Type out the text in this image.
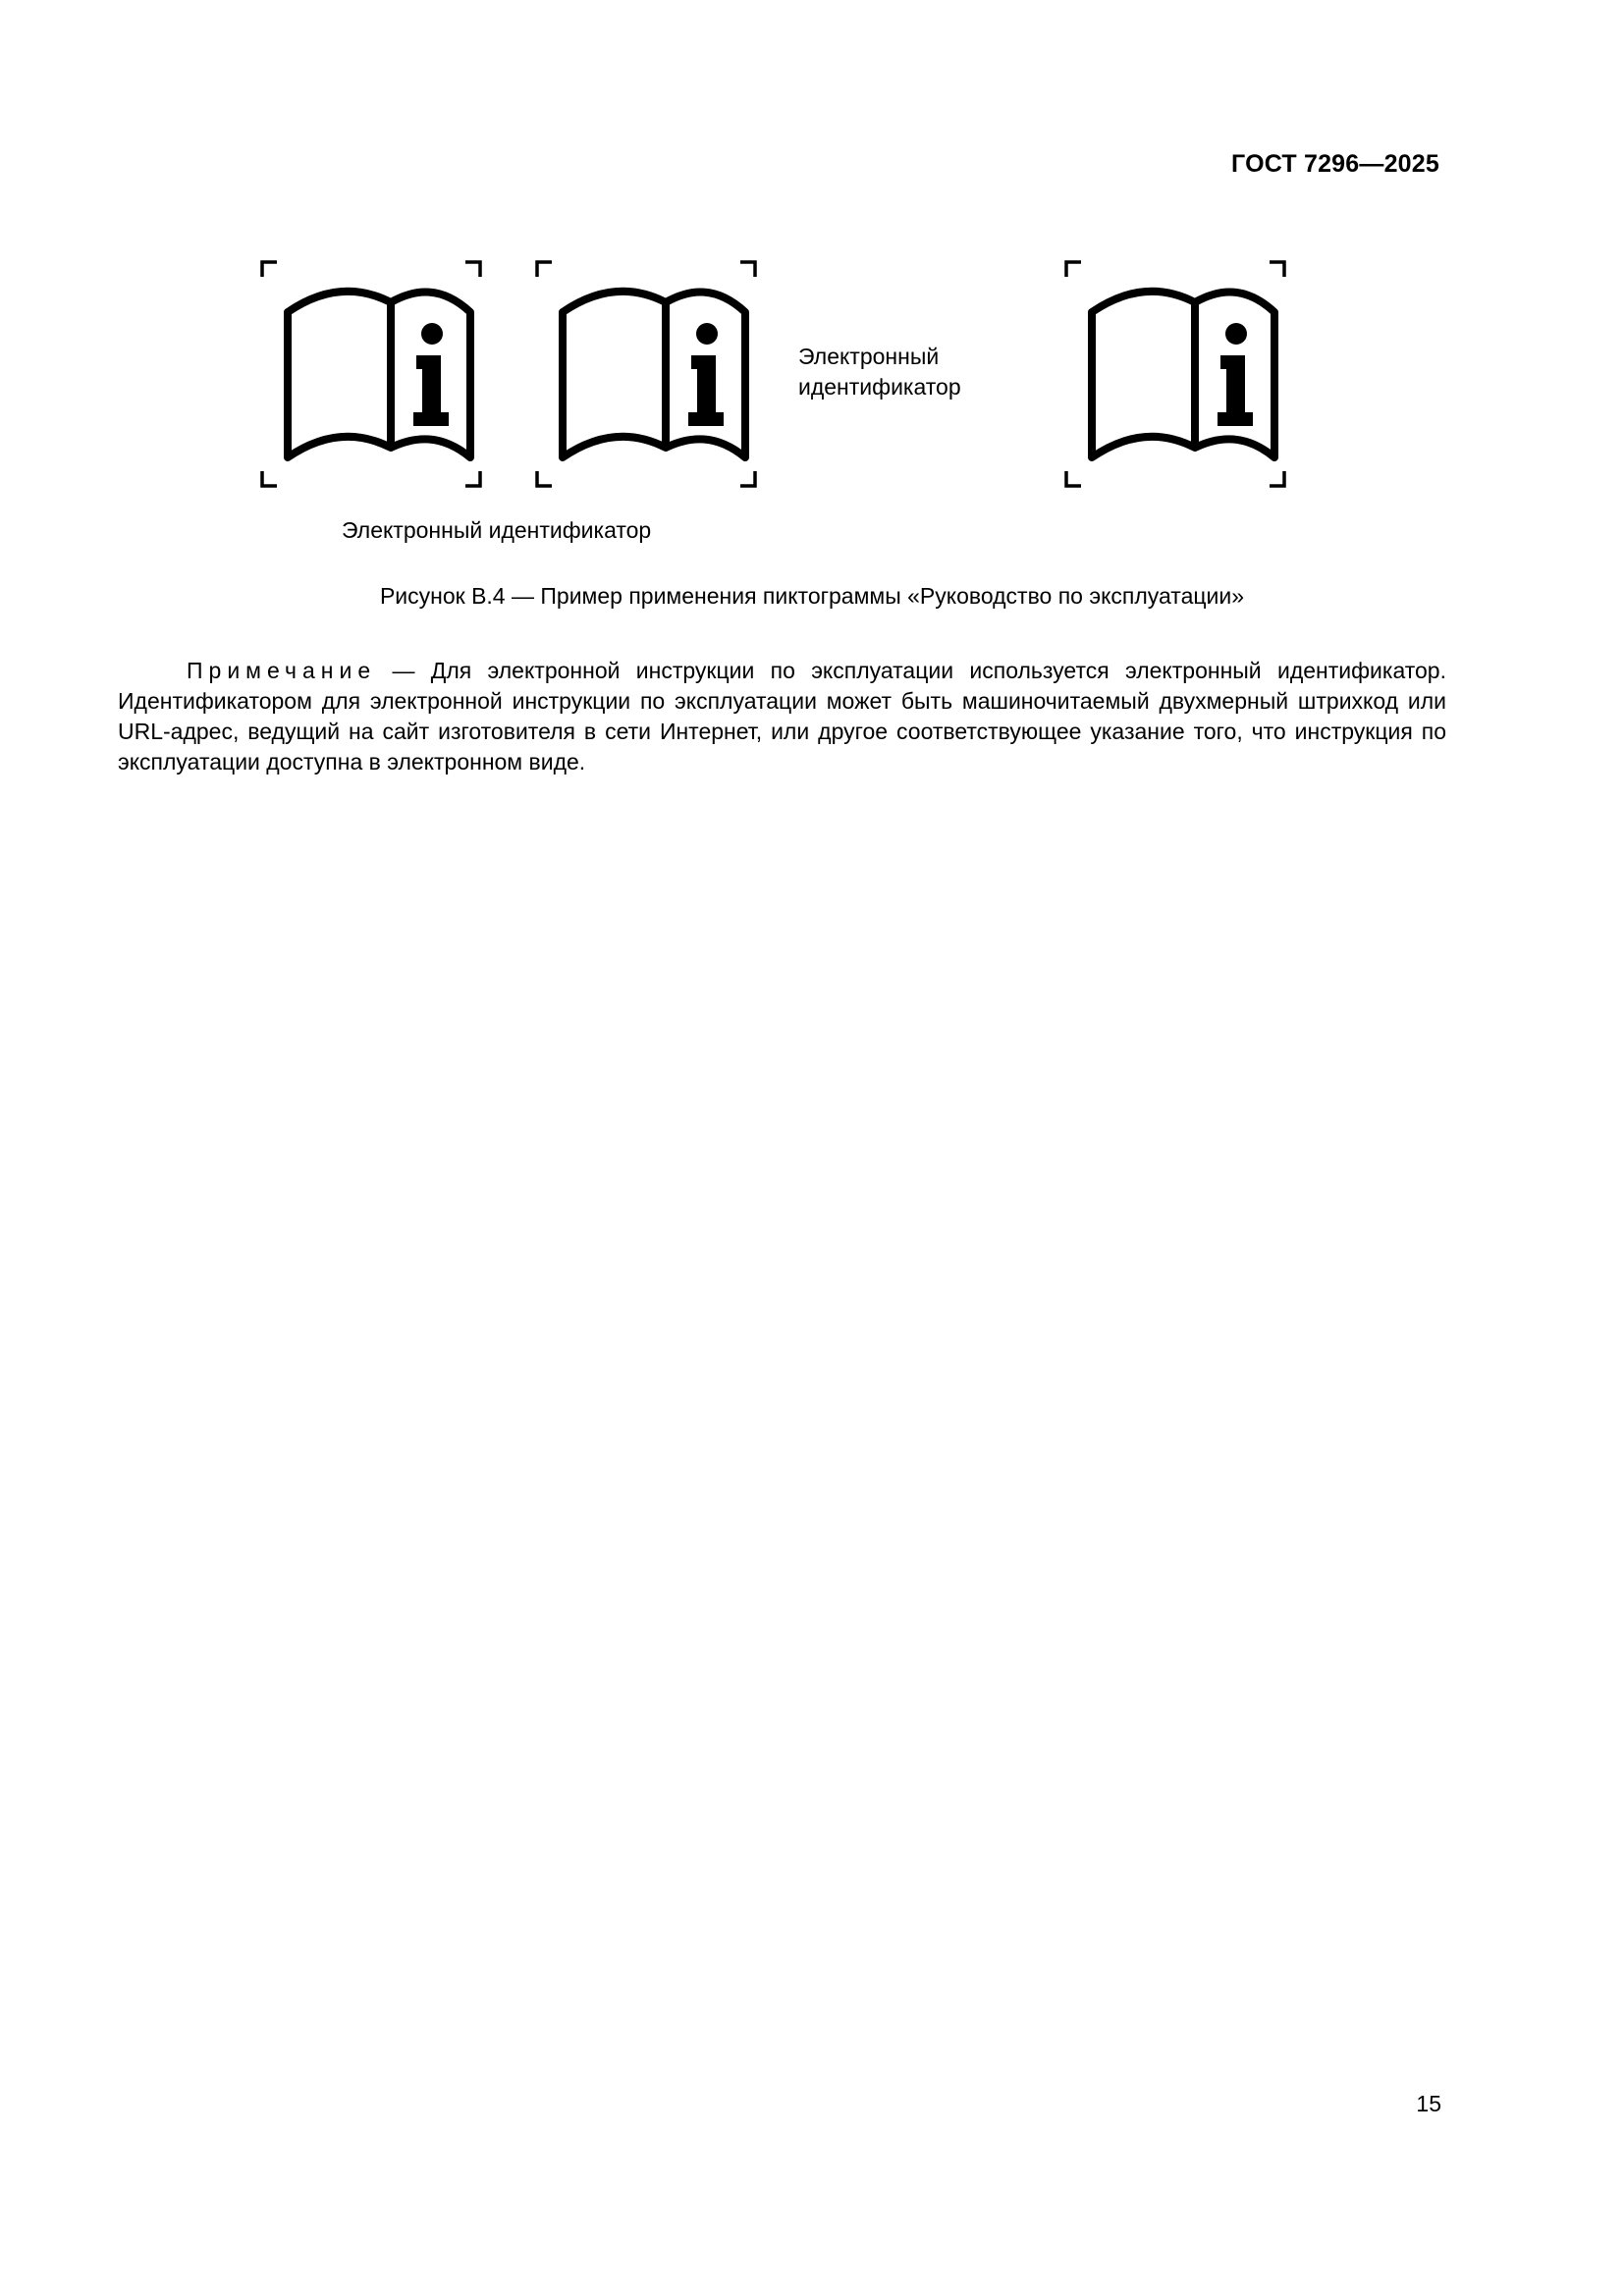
ГОСТ 7296—2025

Электронный
идентификатор

Электронный идентификатор

Рисунок В.4 — Пример применения пиктограммы «Руководство по эксплуатации»

Примечание — Для электронной инструкции по эксплуатации используется электронный идентификатор. Идентификатором для электронной инструкции по эксплуатации может быть машиночитаемый двухмерный штрихкод или URL-адрес, ведущий на сайт изготовителя в сети Интернет, или другое соответствующее указание того, что инструкция по эксплуатации доступна в электронном виде.

15
